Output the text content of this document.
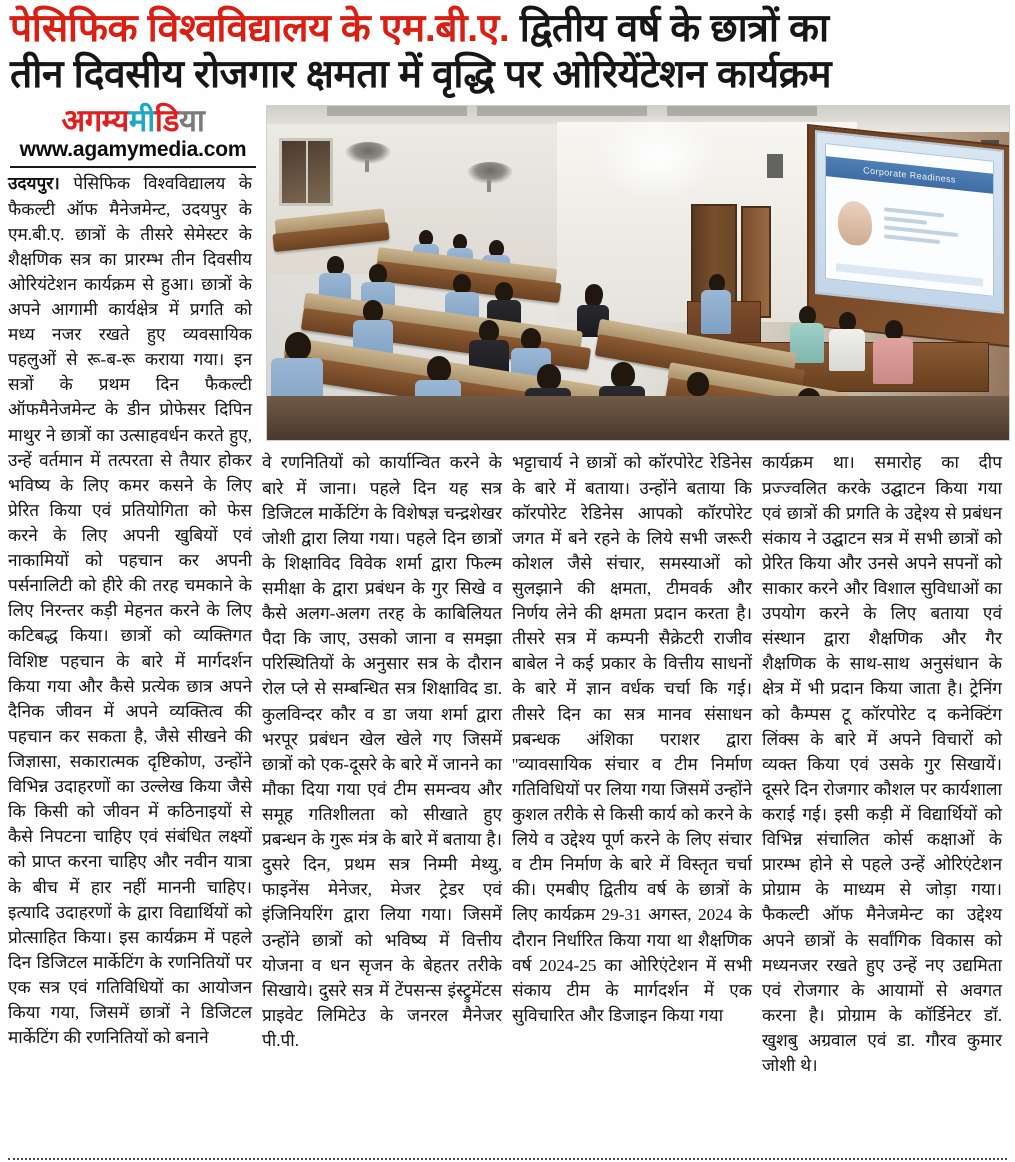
पेसिफिक विश्वविद्यालय के एम.बी.ए. द्वितीय वर्ष के छात्रों का
तीन दिवसीय रोजगार क्षमता में वृद्धि पर ओरियेंटेशन कार्यक्रम
अगम्यमीडिया
www.agamymedia.com
Corporate Readiness

उदयपुर। पेसिफिक विश्वविद्यालय के फैकल्टी ऑफ मैनेजमेन्ट, उदयपुर के एम.बी.ए. छात्रों के तीसरे सेमेस्टर के शैक्षणिक सत्र का प्रारम्भ तीन दिवसीय ओरियंटेशन कार्यक्रम से हुआ। छात्रों के अपने आगामी कार्यक्षेत्र में प्रगति को मध्य नजर रखते हुए व्यवसायिक पहलुओं से रू-ब-रू कराया गया। इन सत्रों के प्रथम दिन फैकल्टी ऑफमैनेजमेन्ट के डीन प्रोफेसर दिपिन माथुर ने छात्रों का उत्साहवर्धन करते हुए, उन्हें वर्तमान में तत्परता से तैयार होकर भविष्य के लिए कमर कसने के लिए प्रेरित किया एवं प्रतियोगिता को फेस करने के लिए अपनी खुबियों एवं नाकामियों को पहचान कर अपनी पर्सनालिटी को हीरे की तरह चमकाने के लिए निरन्तर कड़ी मेहनत करने के लिए कटिबद्ध किया। छात्रों को व्यक्तिगत विशिष्ट पहचान के बारे में मार्गदर्शन किया गया और कैसे प्रत्येक छात्र अपने दैनिक जीवन में अपने व्यक्तित्व की पहचान कर सकता है, जैसे सीखने की जिज्ञासा, सकारात्मक दृष्टिकोण, उन्होंने विभिन्न उदाहरणों का उल्लेख किया जैसे कि किसी को जीवन में कठिनाइयों से कैसे निपटना चाहिए एवं संबंधित लक्ष्यों को प्राप्त करना चाहिए और नवीन यात्रा के बीच में हार नहीं माननी चाहिए। इत्यादि उदाहरणों के द्वारा विद्यार्थियों को प्रोत्साहित किया। इस कार्यक्रम में पहले दिन डिजिटल मार्केटिंग के रणनितियों पर एक सत्र एवं गतिविधियों का आयोजन किया गया, जिसमें छात्रों ने डिजिटल मार्केटिंग की रणनितियों को बनाने

वे रणनितियों को कार्यान्वित करने के बारे में जाना। पहले दिन यह सत्र डिजिटल मार्केटिंग के विशेषज्ञ चन्द्रशेखर जोशी द्वारा लिया गया। पहले दिन छात्रों के शिक्षाविद विवेक शर्मा द्वारा फिल्म समीक्षा के द्वारा प्रबंधन के गुर सिखे व कैसे अलग-अलग तरह के काबिलियत पैदा कि जाए, उसको जाना व समझा परिस्थितियों के अनुसार सत्र के दौरान रोल प्ले से सम्बन्धित सत्र शिक्षाविद डा. कुलविन्दर कौर व डा जया शर्मा द्वारा भरपूर प्रबंधन खेल खेले गए जिसमें छात्रों को एक-दूसरे के बारे में जानने का मौका दिया गया एवं टीम समन्वय और समूह गतिशीलता को सीखाते हुए प्रबन्धन के गुरू मंत्र के बारे में बताया है। दुसरे दिन, प्रथम सत्र निम्मी मेथ्यु, फाइनेंस मेनेजर, मेजर ट्रेडर एवं इंजिनियरिंग द्वारा लिया गया। जिसमें उन्होंने छात्रों को भविष्य में वित्तीय योजना व धन सृजन के बेहतर तरीके सिखाये। दुसरे सत्र में टेंपसन्स इंस्ट्रुमेंटस प्राइवेट लिमिटेउ के जनरल मैनेजर पी.पी.

भट्टाचार्य ने छात्रों को कॉरपोरेट रेडिनेस के बारे में बताया। उन्होंने बताया कि कॉरपोरेट रेडिनेस आपको कॉरपोरेट जगत में बने रहने के लिये सभी जरूरी कोशल जैसे संचार, समस्याओं को सुलझाने की क्षमता, टीमवर्क और निर्णय लेने की क्षमता प्रदान करता है। तीसरे सत्र में कम्पनी सैक्रेटरी राजीव बाबेल ने कई प्रकार के वित्तीय साधनों के बारे में ज्ञान वर्धक चर्चा कि गई। तीसरे दिन का सत्र मानव संसाधन प्रबन्धक अंशिका पराशर द्वारा ''व्यावसायिक संचार व टीम निर्माण गतिविधियों पर लिया गया जिसमें उन्होंने कुशल तरीके से किसी कार्य को करने के लिये व उद्देश्य पूर्ण करने के लिए संचार व टीम निर्माण के बारे में विस्तृत चर्चा की। एमबीए द्वितीय वर्ष के छात्रों के लिए कार्यक्रम 29-31 अगस्त, 2024 के दौरान निर्धारित किया गया था शैक्षणिक वर्ष 2024-25 का ओरिएंटेशन में सभी संकाय टीम के मार्गदर्शन में एक सुविचारित और डिजाइन किया गया

कार्यक्रम था। समारोह का दीप प्रज्ज्वलित करके उद्घाटन किया गया एवं छात्रों की प्रगति के उद्देश्य से प्रबंधन संकाय ने उद्घाटन सत्र में सभी छात्रों को प्रेरित किया और उनसे अपने सपनों को साकार करने और विशाल सुविधाओं का उपयोग करने के लिए बताया एवं संस्थान द्वारा शैक्षणिक और गैर शैक्षणिक के साथ-साथ अनुसंधान के क्षेत्र में भी प्रदान किया जाता है। ट्रेनिंग को कैम्पस टू कॉरपोरेट द कनेक्टिंग लिंक्स के बारे में अपने विचारों को व्यक्त किया एवं उसके गुर सिखायें। दूसरे दिन रोजगार कौशल पर कार्यशाला कराई गई। इसी कड़ी में विद्यार्थियों को विभिन्न संचालित कोर्स कक्षाओं के प्रारम्भ होने से पहले उन्हें ओरिएंटेशन प्रोग्राम के माध्यम से जोड़ा गया। फैकल्टी ऑफ मैनेजमेन्ट का उद्देश्य अपने छात्रों के सर्वांगिक विकास को मध्यनजर रखते हुए उन्हें नए उद्यमिता एवं रोजगार के आयामों से अवगत करना है। प्रोग्राम के कॉर्डिनेटर डॉ. खुशबु अग्रवाल एवं डा. गौरव कुमार जोशी थे।
